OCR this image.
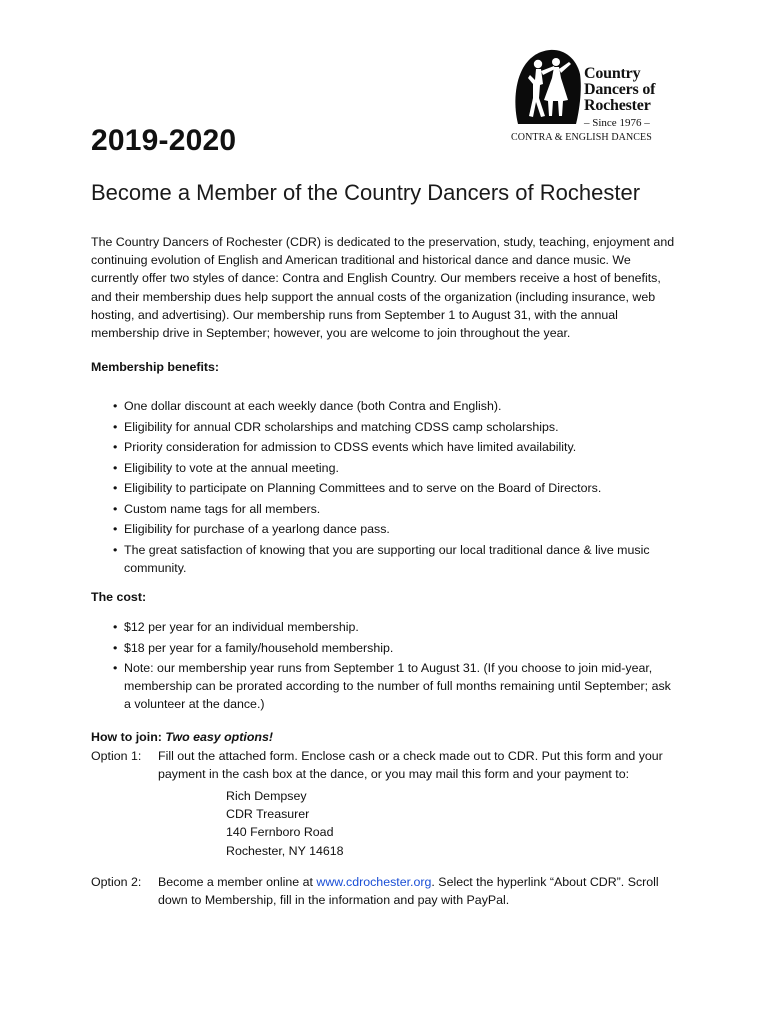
Country
Dancers of
Rochester
– Since 1976 –
CONTRA & ENGLISH DANCES
2019-2020
Become a Member of the Country Dancers of Rochester
The Country Dancers of Rochester (CDR) is dedicated to the preservation, study, teaching, enjoyment and continuing evolution of English and American traditional and historical dance and dance music. We currently offer two styles of dance: Contra and English Country. Our members receive a host of benefits, and their membership dues help support the annual costs of the organization (including insurance, web hosting, and advertising). Our membership runs from September 1 to August 31, with the annual membership drive in September; however, you are welcome to join throughout the year.
Membership benefits:
• One dollar discount at each weekly dance (both Contra and English).
• Eligibility for annual CDR scholarships and matching CDSS camp scholarships.
• Priority consideration for admission to CDSS events which have limited availability.
• Eligibility to vote at the annual meeting.
• Eligibility to participate on Planning Committees and to serve on the Board of Directors.
• Custom name tags for all members.
• Eligibility for purchase of a yearlong dance pass.
• The great satisfaction of knowing that you are supporting our local traditional dance & live music community.
The cost:
• $12 per year for an individual membership.
• $18 per year for a family/household membership.
• Note: our membership year runs from September 1 to August 31. (If you choose to join mid-year, membership can be prorated according to the number of full months remaining until September; ask a volunteer at the dance.)
How to join: Two easy options!
Option 1: Fill out the attached form. Enclose cash or a check made out to CDR. Put this form and your payment in the cash box at the dance, or you may mail this form and your payment to:
Rich Dempsey
CDR Treasurer
140 Fernboro Road
Rochester, NY 14618
Option 2: Become a member online at www.cdrochester.org. Select the hyperlink “About CDR”. Scroll down to Membership, fill in the information and pay with PayPal.
